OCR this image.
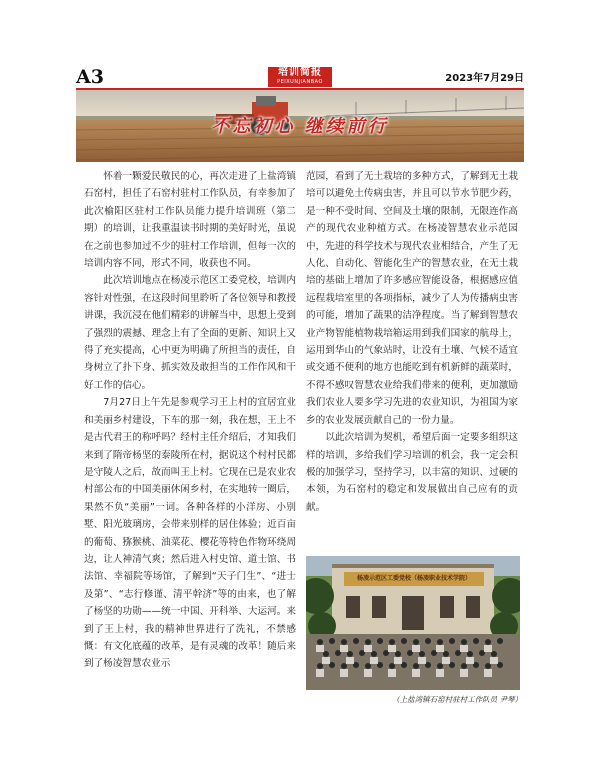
A3	培训简报
PEIXUNJIANBAO	2023年7月29日
不忘初心 继续前行

怀着一颗爱民敬民的心，再次走进了上盐湾镇石窑村，担任了石窑村驻村工作队员，有幸参加了此次榆阳区驻村工作队员能力提升培训班（第二期）的培训，让我重温读书时期的美好时光，虽说在之前也参加过不少的驻村工作培训，但每一次的培训内容不同，形式不同，收获也不同。

此次培训地点在杨凌示范区工委党校，培训内容针对性强，在这段时间里聆听了各位领导和教授讲课，我沉浸在他们精彩的讲解当中，思想上受到了强烈的震撼、理念上有了全面的更新、知识上又得了充实提高，心中更为明确了所担当的责任，自身树立了扑下身、抓实效及敢担当的工作作风和干好工作的信心。

7月27日上午先是参观学习王上村的宜居宜业和美丽乡村建设，下车的那一刻，我在想，王上不是古代君王的称呼吗？经村主任介绍后，才知我们来到了隋帝杨坚的泰陵所在村，据说这个村村民都是守陵人之后，故而叫王上村。它现在已是农业农村部公布的中国美丽休闲乡村，在实地转一圈后，果然不负“美丽”一词。各种各样的小洋房、小别墅、阳光玻璃房，会带来别样的居住体验；近百亩的葡萄、猕猴桃、油菜花、樱花等特色作物环绕周边，让人神清气爽；然后进入村史馆、道士馆、书法馆、幸福院等场馆，了解到“天子门生”、“进士及第”、“志行修谨、清平幹济”等的由来，也了解了杨坚的功勋——统一中国、开科举、大运河。来到了王上村，我的精神世界进行了洗礼，不禁感慨：有文化底蕴的改革，是有灵魂的改革！随后来到了杨凌智慧农业示

范园，看到了无土栽培的多种方式，了解到无土栽培可以避免土传病虫害，并且可以节水节肥少药，是一种不受时间、空间及土壤的限制，无限连作高产的现代农业种植方式。在杨凌智慧农业示范园中，先进的科学技术与现代农业相结合，产生了无人化、自动化、智能化生产的智慧农业，在无土栽培的基础上增加了许多感应智能设备，根据感应值远程栽培室里的各项指标，减少了人为传播病虫害的可能，增加了蔬果的洁净程度。当了解到智慧农业产物智能植物栽培箱运用到我们国家的航母上，运用到华山的气象站时，让没有土壤、气候不适宜或交通不便利的地方也能吃到有机新鲜的蔬菜时，不得不感叹智慧农业给我们带来的便利，更加激励我们农业人要多学习先进的农业知识，为祖国为家乡的农业发展贡献自己的一份力量。

以此次培训为契机，希望后面一定要多组织这样的培训，多给我们学习培训的机会，我一定会积极的加强学习，坚持学习，以丰富的知识、过硬的本领，为石窑村的稳定和发展做出自己应有的贡献。

杨凌示范区工委党校（杨凌职业技术学院）
（上盐湾镇石窑村驻村工作队员 尹琴）
